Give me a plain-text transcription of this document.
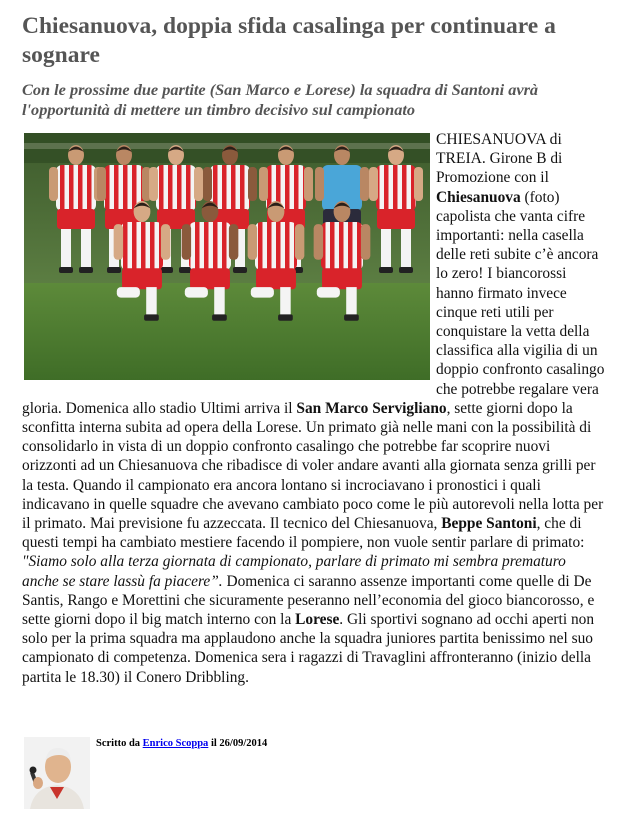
Chiesanuova, doppia sfida casalinga per continuare a sognare
Con le prossime due partite (San Marco e Lorese) la squadra di Santoni avrà l'opportunità di mettere un timbro decisivo sul campionato

CHIESANUOVA di TREIA. Girone B di Promozione con il Chiesanuova (foto) capolista che vanta cifre importanti: nella casella delle reti subite c’è ancora lo zero! I biancorossi hanno firmato invece cinque reti utili per conquistare la vetta della classifica alla vigilia di un doppio confronto casalingo che potrebbe regalare vera gloria. Domenica allo stadio Ultimi arriva il San Marco Servigliano, sette giorni dopo la sconfitta interna subita ad opera della Lorese. Un primato già nelle mani con la possibilità di consolidarlo in vista di un doppio confronto casalingo che potrebbe far scoprire nuovi orizzonti ad un Chiesanuova che ribadisce di voler andare avanti alla giornata senza grilli per la testa. Quando il campionato era ancora lontano si incrociavano i pronostici i quali indicavano in quelle squadre che avevano cambiato poco come le più autorevoli nella lotta per il primato. Mai previsione fu azzeccata. Il tecnico del Chiesanuova, Beppe Santoni, che di questi tempi ha cambiato mestiere facendo il pompiere, non vuole sentir parlare di primato: "Siamo solo alla terza giornata di campionato, parlare di primato mi sembra prematuro anche se stare lassù fa piacere”. Domenica ci saranno assenze importanti come quelle di De Santis, Rango e Morettini che sicuramente peseranno nell’economia del gioco biancorosso, e sette giorni dopo il big match interno con la Lorese. Gli sportivi sognano ad occhi aperti non solo per la prima squadra ma applaudono anche la squadra juniores partita benissimo nel suo campionato di competenza. Domenica sera i ragazzi di Travaglini affronteranno (inizio della partita le 18.30) il Conero Dribbling.

Scritto da Enrico Scoppa il 26/09/2014
